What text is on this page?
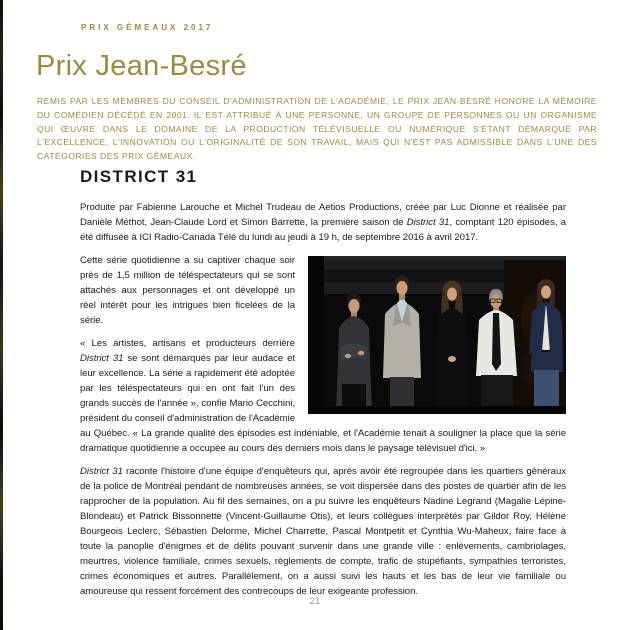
PRIX GÉMEAUX 2017
Prix Jean-Besré

REMIS PAR LES MEMBRES DU CONSEIL D'ADMINISTRATION DE L'ACADÉMIE, LE PRIX JEAN-BESRÉ HONORE LA MÉMOIRE DU COMÉDIEN DÉCÉDÉ EN 2001. IL EST ATTRIBUÉ À UNE PERSONNE, UN GROUPE DE PERSONNES OU UN ORGANISME QUI ŒUVRE DANS LE DOMAINE DE LA PRODUCTION TÉLÉVISUELLE OU NUMÉRIQUE S'ÉTANT DÉMARQUÉ PAR L'EXCELLENCE, L'INNOVATION OU L'ORIGINALITÉ DE SON TRAVAIL, MAIS QUI N'EST PAS ADMISSIBLE DANS L'UNE DES CATÉGORIES DES PRIX GÉMEAUX.

DISTRICT 31

Produite par Fabienne Larouche et Michel Trudeau de Aetios Productions, créée par Luc Dionne et réalisée par Danièle Méthot, Jean-Claude Lord et Simon Barrette, la première saison de District 31, comptant 120 épisodes, a été diffusée à ICI Radio-Canada Télé du lundi au jeudi à 19 h, de septembre 2016 à avril 2017.

Cette série quotidienne a su captiver chaque soir près de 1,5 million de téléspectateurs qui se sont attachés aux personnages et ont développé un réel intérêt pour les intrigues bien ficelées de la série.

« Les artistes, artisans et producteurs derrière District 31 se sont démarqués par leur audace et leur excellence. La série a rapidement été adoptée par les téléspectateurs qui en ont fait l'un des grands succès de l'année », confie Mario Cecchini, président du conseil d'administration de l'Académie au Québec. « La grande qualité des épisodes est indéniable, et l'Académie tenait à souligner la place que la série dramatique quotidienne a occupée au cours des derniers mois dans le paysage télévisuel d'ici. »

District 31 raconte l'histoire d'une équipe d'enquêteurs qui, après avoir été regroupée dans les quartiers généraux de la police de Montréal pendant de nombreuses années, se voit dispersée dans des postes de quartier afin de les rapprocher de la population. Au fil des semaines, on a pu suivre les enquêteurs Nadine Legrand (Magalie Lépine-Blondeau) et Patrick Bissonnette (Vincent-Guillaume Otis), et leurs collègues interprétés par Gildor Roy, Hélène Bourgeois Leclerc, Sébastien Delorme, Michel Charrette, Pascal Montpetit et Cynthia Wu-Maheux, faire face à toute la panoplie d'énigmes et de délits pouvant survenir dans une grande ville : enlèvements, cambriolages, meurtres, violence familiale, crimes sexuels, règlements de compte, trafic de stupéfiants, sympathies terroristes, crimes économiques et autres. Parallèlement, on a aussi suivi les hauts et les bas de leur vie familiale ou amoureuse qui ressent forcément des contrecoups de leur exigeante profession.

21
